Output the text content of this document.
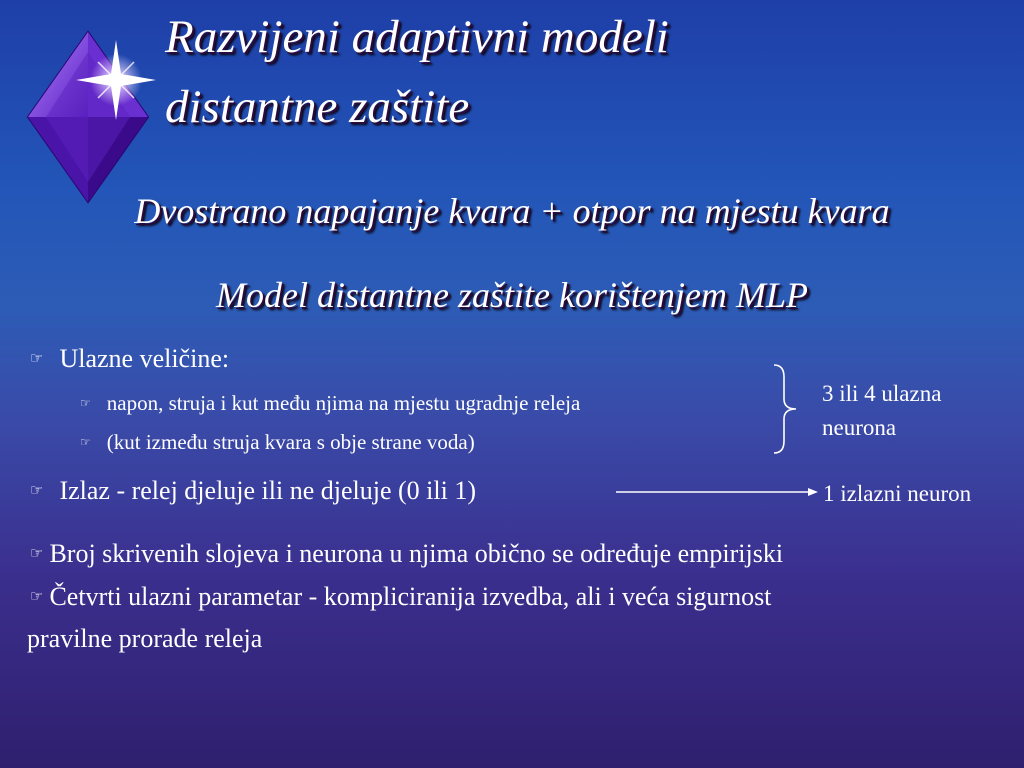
Razvijeni adaptivni modeli
distantne zaštite
Dvostrano napajanje kvara + otpor na mjestu kvara
Model distantne zaštite korištenjem MLP
☞ Ulazne veličine:
☞ napon, struja i kut među njima na mjestu ugradnje releja
☞ (kut između struja kvara s obje strane voda)
☞ Izlaz - relej djeluje ili ne djeluje (0 ili 1)
☞ Broj skrivenih slojeva i neurona u njima obično se određuje empirijski
☞ Četvrti ulazni parametar - kompliciranija izvedba, ali i veća sigurnost
pravilne prorade releja
3 ili 4 ulazna neurona
1 izlazni neuron
